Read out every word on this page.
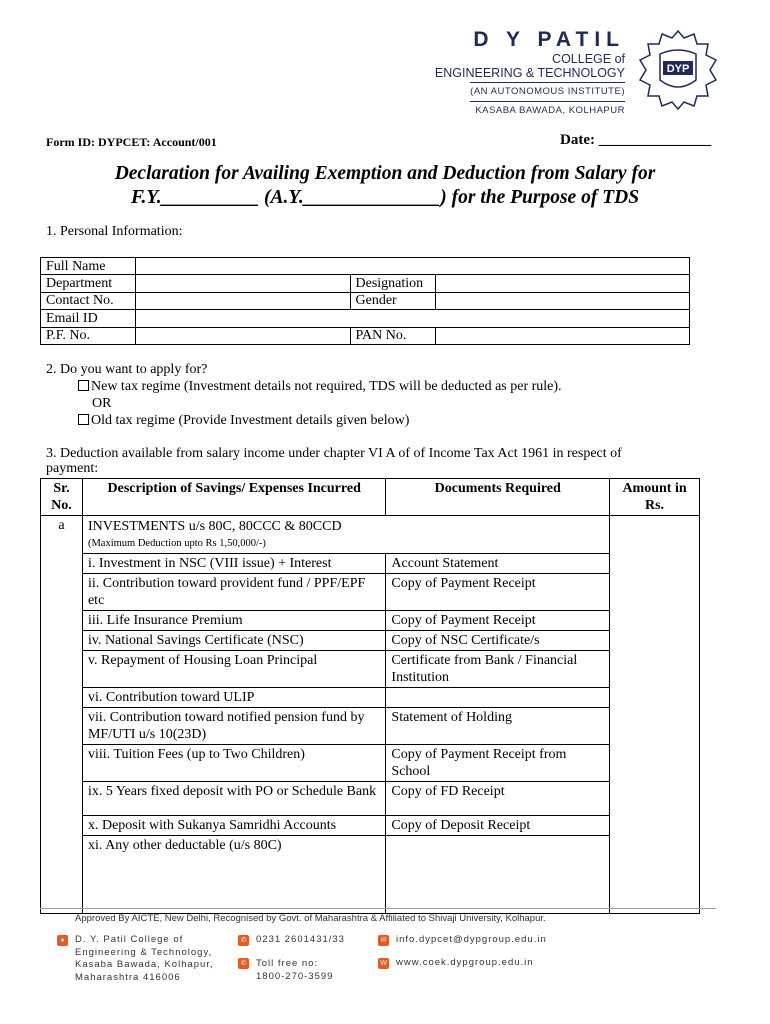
D Y PATIL
COLLEGE of
ENGINEERING & TECHNOLOGY
(AN AUTONOMOUS INSTITUTE)
KASABA BAWADA, KOLHAPUR
DYP
Form ID: DYPCET: Account/001	Date: _______________
Declaration for Availing Exemption and Deduction from Salary for
F.Y.__________ (A.Y.______________) for the Purpose of TDS
1. Personal Information:
Full Name			
Department		Designation	
Contact No.		Gender	
Email ID			
P.F. No.		PAN No.	
2. Do you want to apply for?
New tax regime (Investment details not required, TDS will be deducted as per rule).
OR
Old tax regime (Provide Investment details given below)
3. Deduction available from salary income under chapter VI A of of Income Tax Act 1961 in respect of
payment:
Sr. No.	Description of Savings/ Expenses Incurred	Documents Required	Amount in Rs.
a	INVESTMENTS u/s 80C, 80CCC & 80CCD
(Maximum Deduction upto Rs 1,50,000/-)		

	i. Investment in NSC (VIII issue) + Interest	Account Statement	
	ii. Contribution toward provident fund / PPF/EPF etc	Copy of Payment Receipt	
	iii. Life Insurance Premium	Copy of Payment Receipt	
	iv. National Savings Certificate (NSC)	Copy of NSC Certificate/s	
	v. Repayment of Housing Loan Principal	Certificate from Bank / Financial Institution	
	vi. Contribution toward ULIP		
	vii. Contribution toward notified pension fund by MF/UTI u/s 10(23D)	Statement of Holding	
	viii. Tuition Fees (up to Two Children)	Copy of Payment Receipt from School	
	ix. 5 Years fixed deposit with PO or Schedule Bank	Copy of FD Receipt	
	x. Deposit with Sukanya Samridhi Accounts	Copy of Deposit Receipt	
	xi. Any other deductable (u/s 80C)		
Approved By AICTE, New Delhi, Recognised by Govt. of Maharashtra & Affiliated to Shivaji University, Kolhapur.
●	D. Y. Patil College of
Engineering & Technology,
Kasaba Bawada, Kolhapur,
Maharashtra 416006
✆ 0231 2601431/33
✆ Toll free no:
1800-270-3599
✉ info.dypcet@dypgroup.edu.in
W www.coek.dypgroup.edu.in
